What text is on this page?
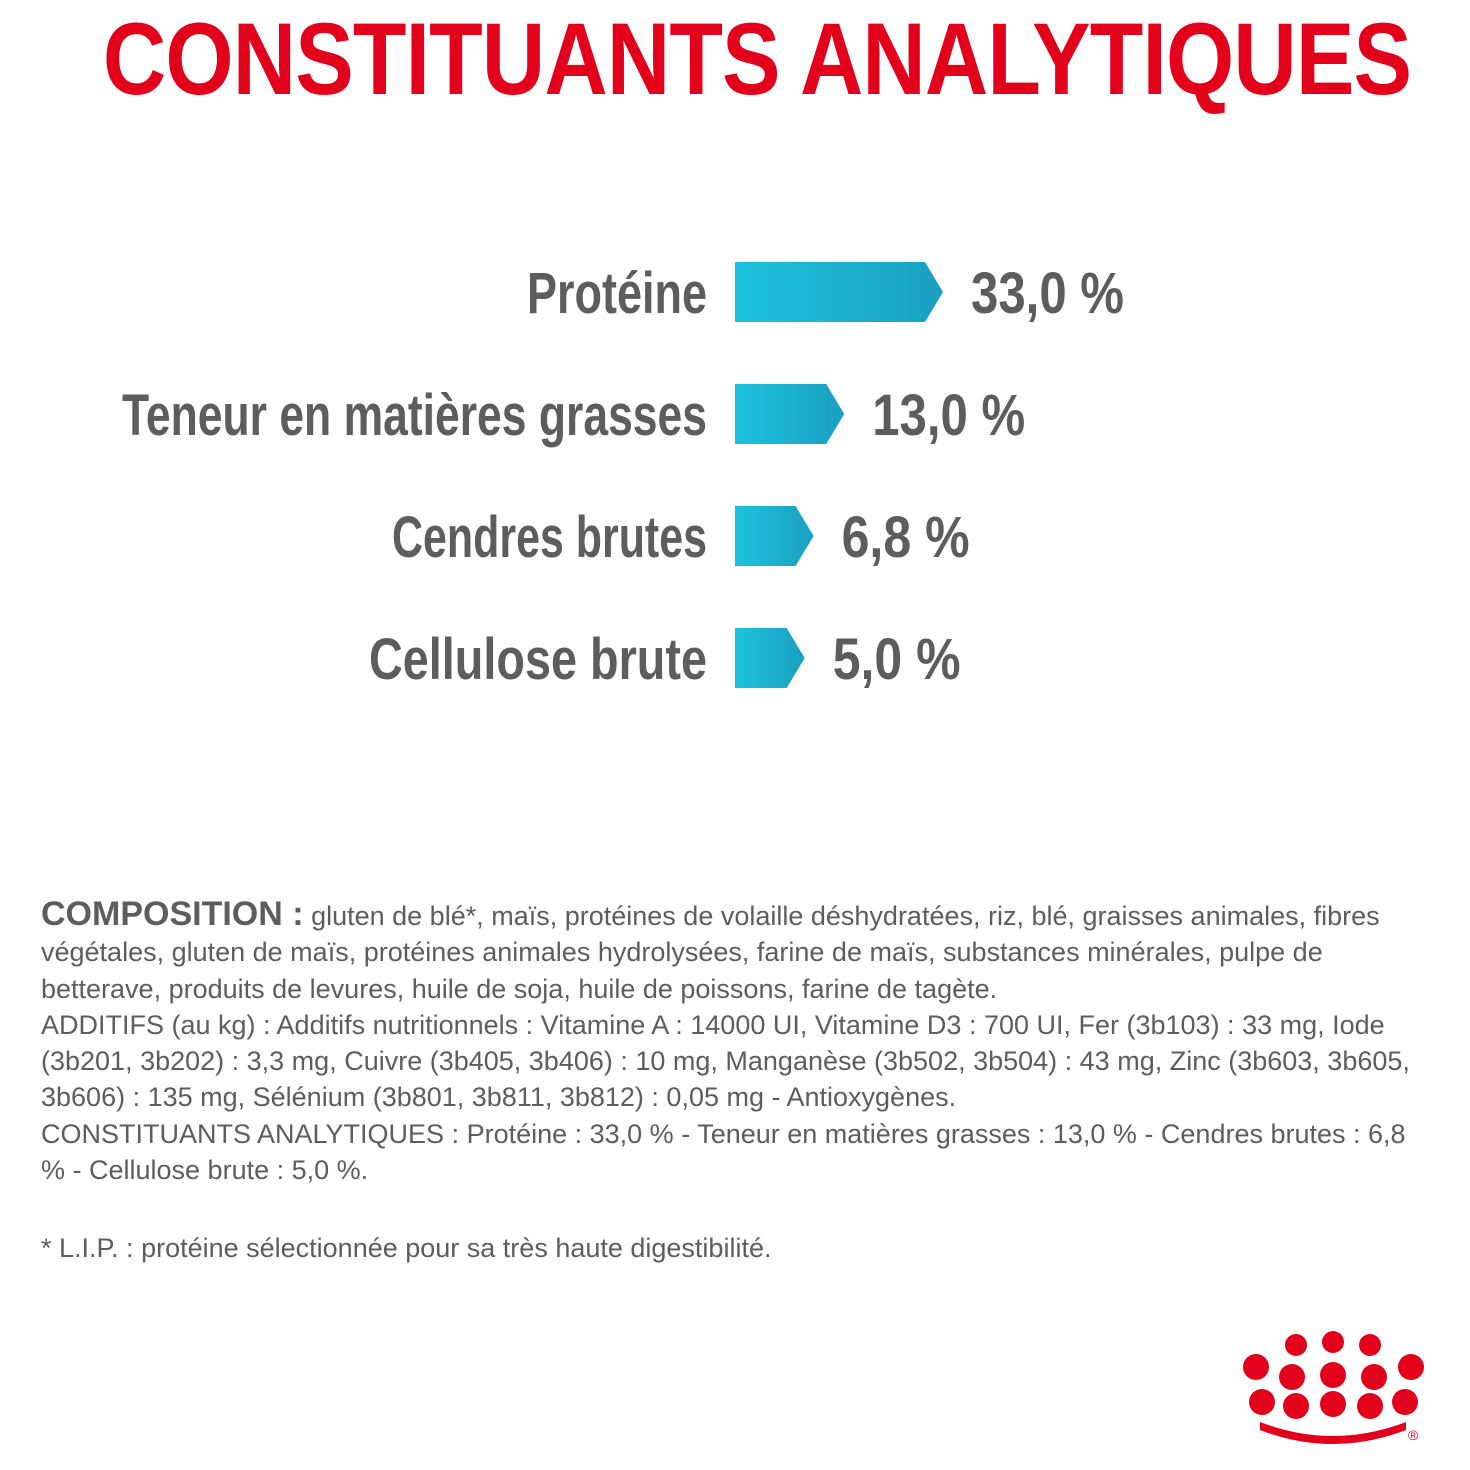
CONSTITUANTS ANALYTIQUES
Protéine	33,0 %
Teneur en matières grasses	13,0 %
Cendres brutes 6,8 %
Cellulose brute 5,0 %

COMPOSITION : gluten de blé*, maïs, protéines de volaille déshydratées, riz, blé, graisses animales, fibres végétales, gluten de maïs, protéines animales hydrolysées, farine de maïs, substances minérales, pulpe de betterave, produits de levures, huile de soja, huile de poissons, farine de tagète.

ADDITIFS (au kg) : Additifs nutritionnels : Vitamine A : 14000 UI, Vitamine D3 : 700 UI, Fer (3b103) : 33 mg, Iode (3b201, 3b202) : 3,3 mg, Cuivre (3b405, 3b406) : 10 mg, Manganèse (3b502, 3b504) : 43 mg, Zinc (3b603, 3b605, 3b606) : 135 mg, Sélénium (3b801, 3b811, 3b812) : 0,05 mg - Antioxygènes.

CONSTITUANTS ANALYTIQUES : Protéine : 33,0 % - Teneur en matières grasses : 13,0 % - Cendres brutes : 6,8 % - Cellulose brute : 5,0 %.

* L.I.P. : protéine sélectionnée pour sa très haute digestibilité.
®
